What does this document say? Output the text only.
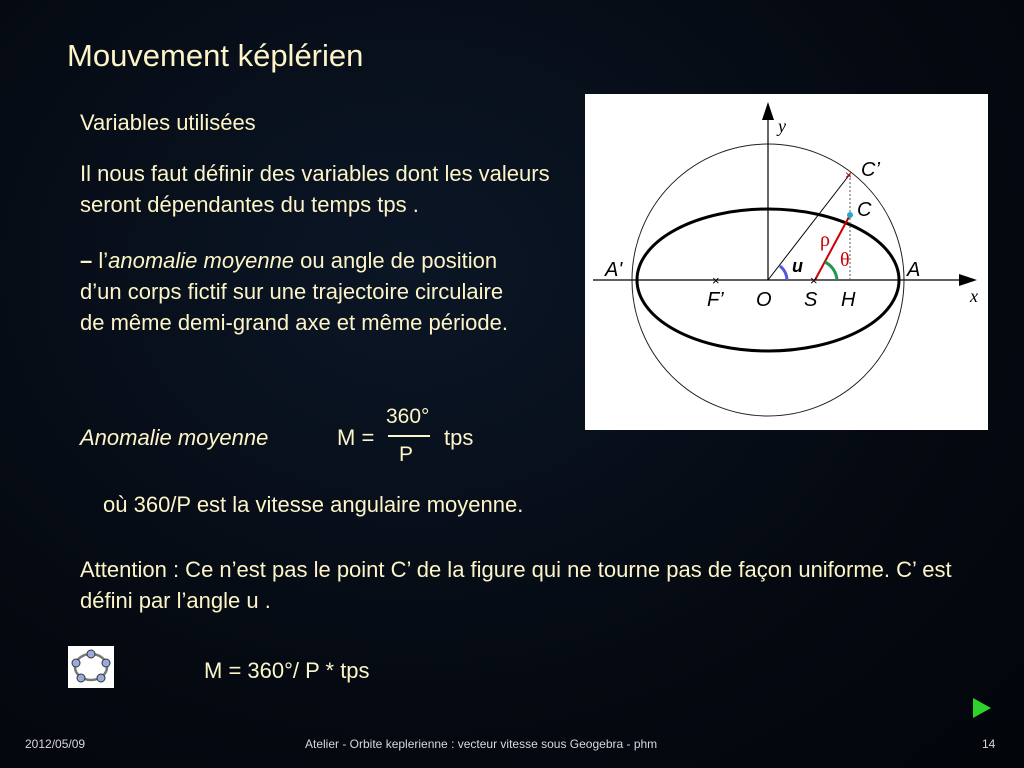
Mouvement képlérien
Variables utilisées
Il nous faut définir des variables dont les valeurs seront dépendantes du temps tps .
– l’anomalie moyenne ou angle de position d’un corps fictif sur une trajectoire circulaire de même demi-grand axe et même période.
Anomalie moyenne	M =
360°
P
tps
où 360/P est la vitesse angulaire moyenne.
Attention : Ce n’est pas le point C’ de la figure qui ne tourne pas de façon uniforme. C’ est défini par l’angle u .
M = 360°/ P * tps
2012/05/09	Atelier - Orbite keplerienne : vecteur vitesse sous Geogebra - phm	14
×
×	×
y
x
C’
C
ρ
θ
A'	A
u
F’ O S H
